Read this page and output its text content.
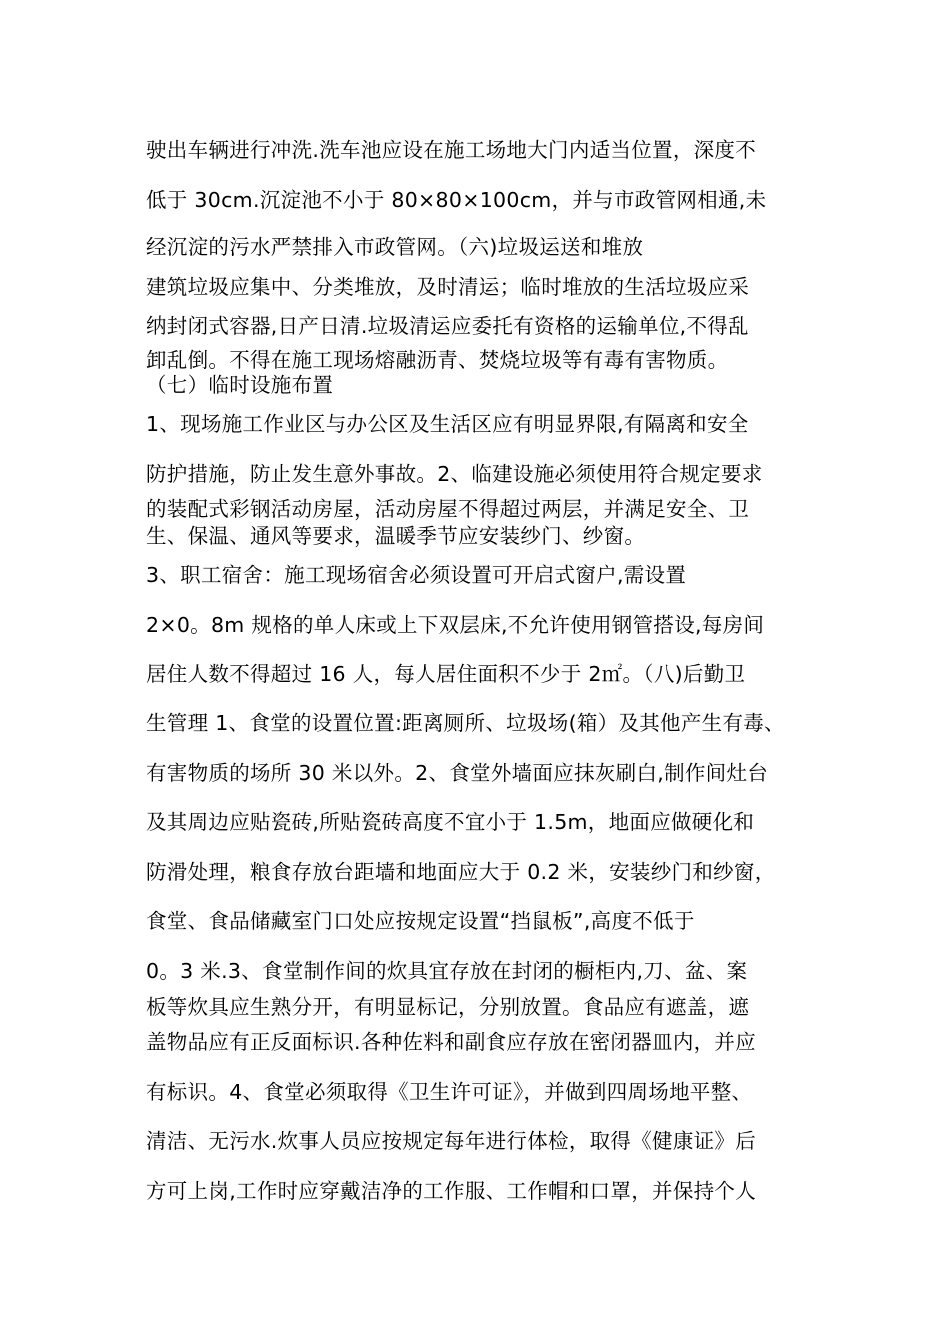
驶出车辆进行冲洗.洗车池应设在施工场地大门内适当位置，深度不
低于 30cm.沉淀池不小于 80×80×100cm，并与市政管网相通,未
经沉淀的污水严禁排入市政管网。（六)垃圾运送和堆放
建筑垃圾应集中、分类堆放，及时清运；临时堆放的生活垃圾应采
纳封闭式容器,日产日清.垃圾清运应委托有资格的运输单位,不得乱
卸乱倒。不得在施工现场熔融沥青、焚烧垃圾等有毒有害物质。
（七）临时设施布置
1、现场施工作业区与办公区及生活区应有明显界限,有隔离和安全
防护措施，防止发生意外事故。2、临建设施必须使用符合规定要求
的装配式彩钢活动房屋，活动房屋不得超过两层，并满足安全、卫
生、保温、通风等要求，温暖季节应安装纱门、纱窗。
3、职工宿舍：施工现场宿舍必须设置可开启式窗户,需设置
2×0。8m 规格的单人床或上下双层床,不允许使用钢管搭设,每房间
居住人数不得超过 16 人，每人居住面积不少于 2㎡。（八)后勤卫
生管理 1、食堂的设置位置:距离厕所、垃圾场(箱）及其他产生有毒、
有害物质的场所 30 米以外。2、食堂外墙面应抹灰刷白,制作间灶台
及其周边应贴瓷砖,所贴瓷砖高度不宜小于 1.5m，地面应做硬化和
防滑处理，粮食存放台距墙和地面应大于 0.2 米，安装纱门和纱窗，
食堂、食品储藏室门口处应按规定设置“挡鼠板”,高度不低于
0。3 米.3、食堂制作间的炊具宜存放在封闭的橱柜内,刀、盆、案
板等炊具应生熟分开，有明显标记，分别放置。食品应有遮盖，遮
盖物品应有正反面标识.各种佐料和副食应存放在密闭器皿内，并应
有标识。4、食堂必须取得《卫生许可证》，并做到四周场地平整、
清洁、无污水.炊事人员应按规定每年进行体检，取得《健康证》后
方可上岗,工作时应穿戴洁净的工作服、工作帽和口罩，并保持个人
